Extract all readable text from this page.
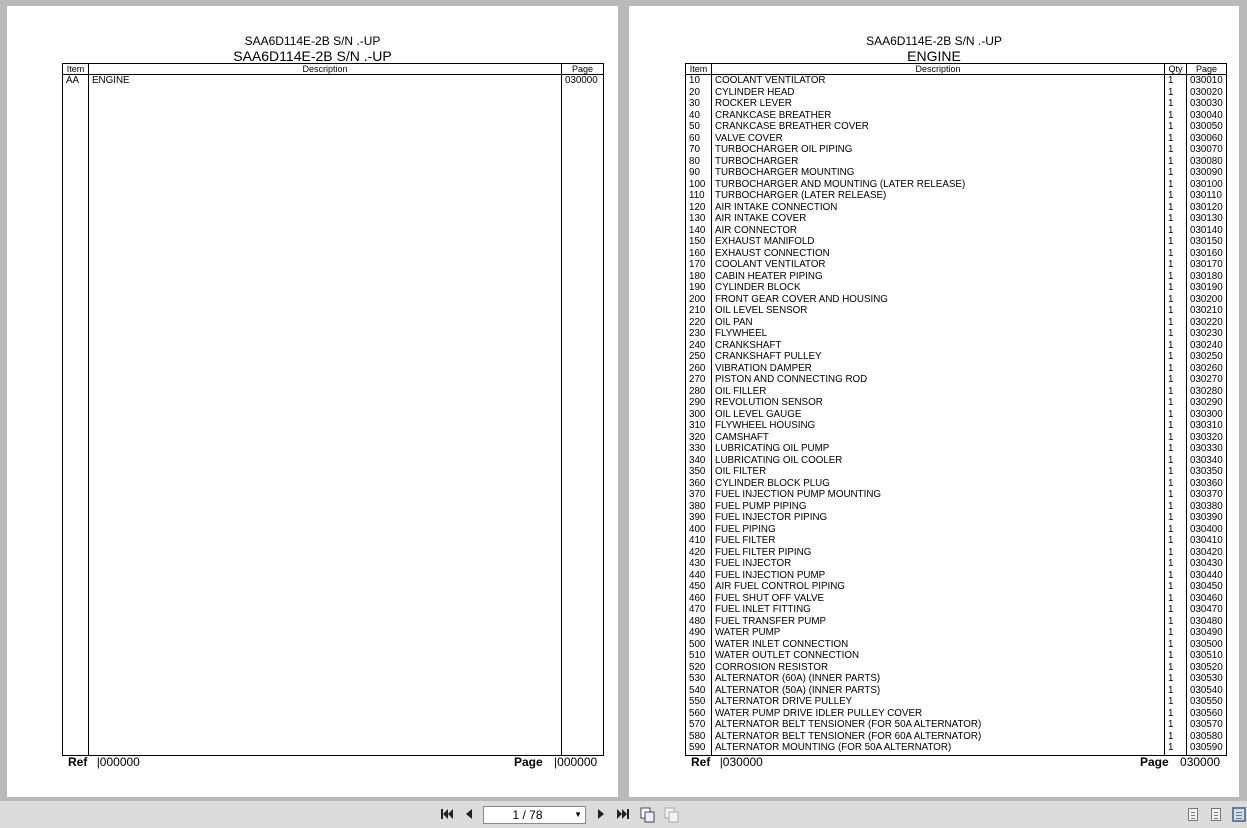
SAA6D114E-2B S/N .-UP
SAA6D114E-2B S/N .-UP
Item	Description	Page
AA	ENGINE	030000

Ref |000000	Page |000000
SAA6D114E-2B S/N .-UP
ENGINE
Item	Description	Qty	Page
10	COOLANT VENTILATOR	1	030010
20	CYLINDER HEAD	1	030020
30	ROCKER LEVER	1	030030
40	CRANKCASE BREATHER	1	030040
50	CRANKCASE BREATHER COVER	1	030050
60	VALVE COVER	1	030060
70	TURBOCHARGER OIL PIPING	1	030070
80	TURBOCHARGER	1	030080
90	TURBOCHARGER MOUNTING	1	030090
100	TURBOCHARGER AND MOUNTING (LATER RELEASE)	1	030100
110	TURBOCHARGER (LATER RELEASE)	1	030110
120	AIR INTAKE CONNECTION	1	030120
130	AIR INTAKE COVER	1	030130
140	AIR CONNECTOR	1	030140
150	EXHAUST MANIFOLD	1	030150
160	EXHAUST CONNECTION	1	030160
170	COOLANT VENTILATOR	1	030170
180	CABIN HEATER PIPING	1	030180
190	CYLINDER BLOCK	1	030190
200	FRONT GEAR COVER AND HOUSING	1	030200
210	OIL LEVEL SENSOR	1	030210
220	OIL PAN	1	030220
230	FLYWHEEL	1	030230
240	CRANKSHAFT	1	030240
250	CRANKSHAFT PULLEY	1	030250
260	VIBRATION DAMPER	1	030260
270	PISTON AND CONNECTING ROD	1	030270
280	OIL FILLER	1	030280
290	REVOLUTION SENSOR	1	030290
300	OIL LEVEL GAUGE	1	030300
310	FLYWHEEL HOUSING	1	030310
320	CAMSHAFT	1	030320
330	LUBRICATING OIL PUMP	1	030330
340	LUBRICATING OIL COOLER	1	030340
350	OIL FILTER	1	030350
360	CYLINDER BLOCK PLUG	1	030360
370	FUEL INJECTION PUMP MOUNTING	1	030370
380	FUEL PUMP PIPING	1	030380
390	FUEL INJECTOR PIPING	1	030390
400	FUEL PIPING	1	030400
410	FUEL FILTER	1	030410
420	FUEL FILTER PIPING	1	030420
430	FUEL INJECTOR	1	030430
440	FUEL INJECTION PUMP	1	030440
450	AIR FUEL CONTROL PIPING	1	030450
460	FUEL SHUT OFF VALVE	1	030460
470	FUEL INLET FITTING	1	030470
480	FUEL TRANSFER PUMP	1	030480
490	WATER PUMP	1	030490
500	WATER INLET CONNECTION	1	030500
510	WATER OUTLET CONNECTION	1	030510
520	CORROSION RESISTOR	1	030520
530	ALTERNATOR (60A) (INNER PARTS)	1	030530
540	ALTERNATOR (50A) (INNER PARTS)	1	030540
550	ALTERNATOR DRIVE PULLEY	1	030550
560	WATER PUMP DRIVE IDLER PULLEY COVER	1	030560
570	ALTERNATOR BELT TENSIONER (FOR 50A ALTERNATOR)	1	030570
580	ALTERNATOR BELT TENSIONER (FOR 60A ALTERNATOR)	1	030580
590	ALTERNATOR MOUNTING (FOR 50A ALTERNATOR)	1	030590

Ref |030000	Page 030000
1 / 78	▼
